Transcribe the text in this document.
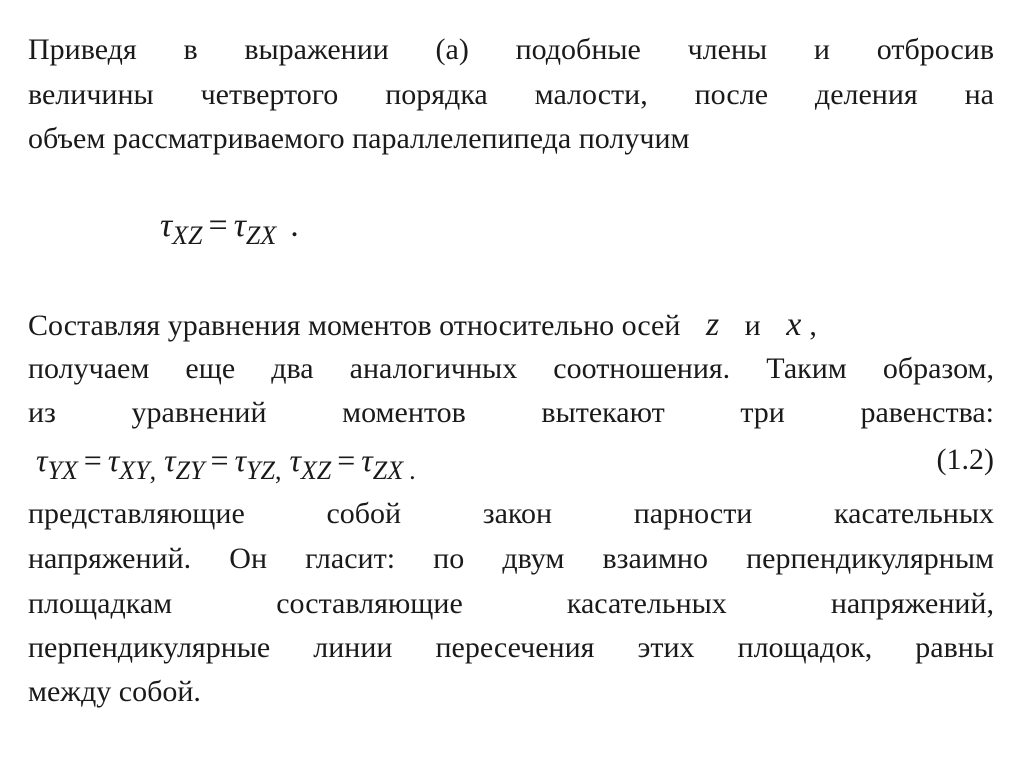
Приведя в выражении (а) подобные члены и отбросив
величины четвертого порядка малости, после деления на
объем рассматриваемого параллелепипеда получим
$\tau_{XZ} = \tau_{ZX}$ .
Составляя уравнения моментов относительно осей z и x ,
получаем еще два аналогичных соотношения. Таким образом,
из уравнений моментов вытекают три равенства:
$\tau_{YX} = \tau_{XY,}$ $\tau_{ZY} = \tau_{YZ,}$ $\tau_{XZ} = \tau_{ZX}$ $_.$	(1.2)
представляющие собой закон парности касательных
напряжений. Он гласит: по двум взаимно перпендикулярным
площадкам составляющие касательных напряжений,
перпендикулярные линии пересечения этих площадок, равны
между собой.
